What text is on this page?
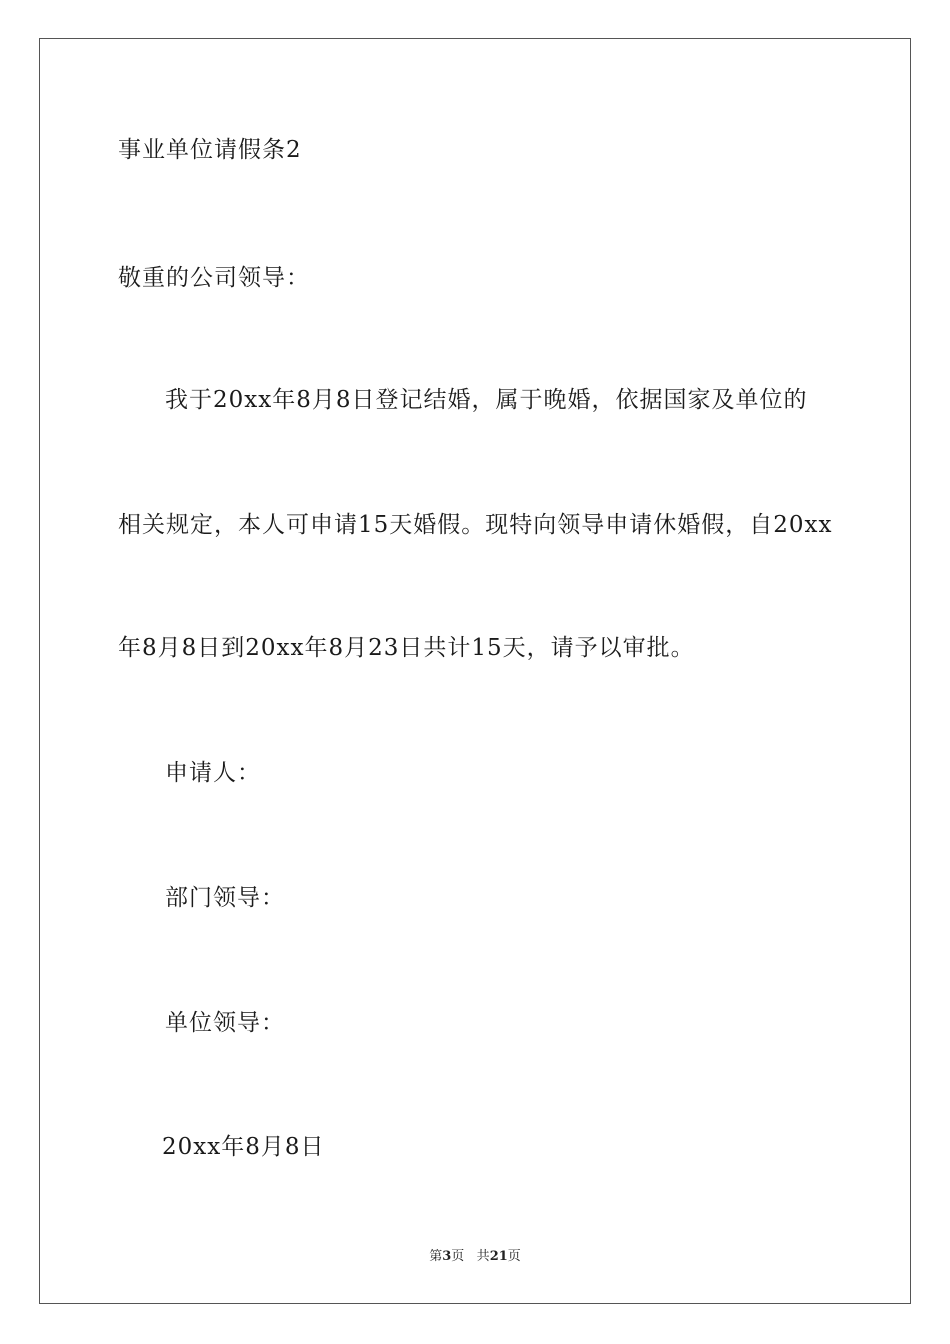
事业单位请假条2
敬重的公司领导：
我于20xx年8月8日登记结婚，属于晚婚，依据国家及单位的
相关规定，本人可申请15天婚假。现特向领导申请休婚假，自20xx
年8月8日到20xx年8月23日共计15天，请予以审批。
申请人：
部门领导：
单位领导：
20xx年8月8日
第3页 共21页
